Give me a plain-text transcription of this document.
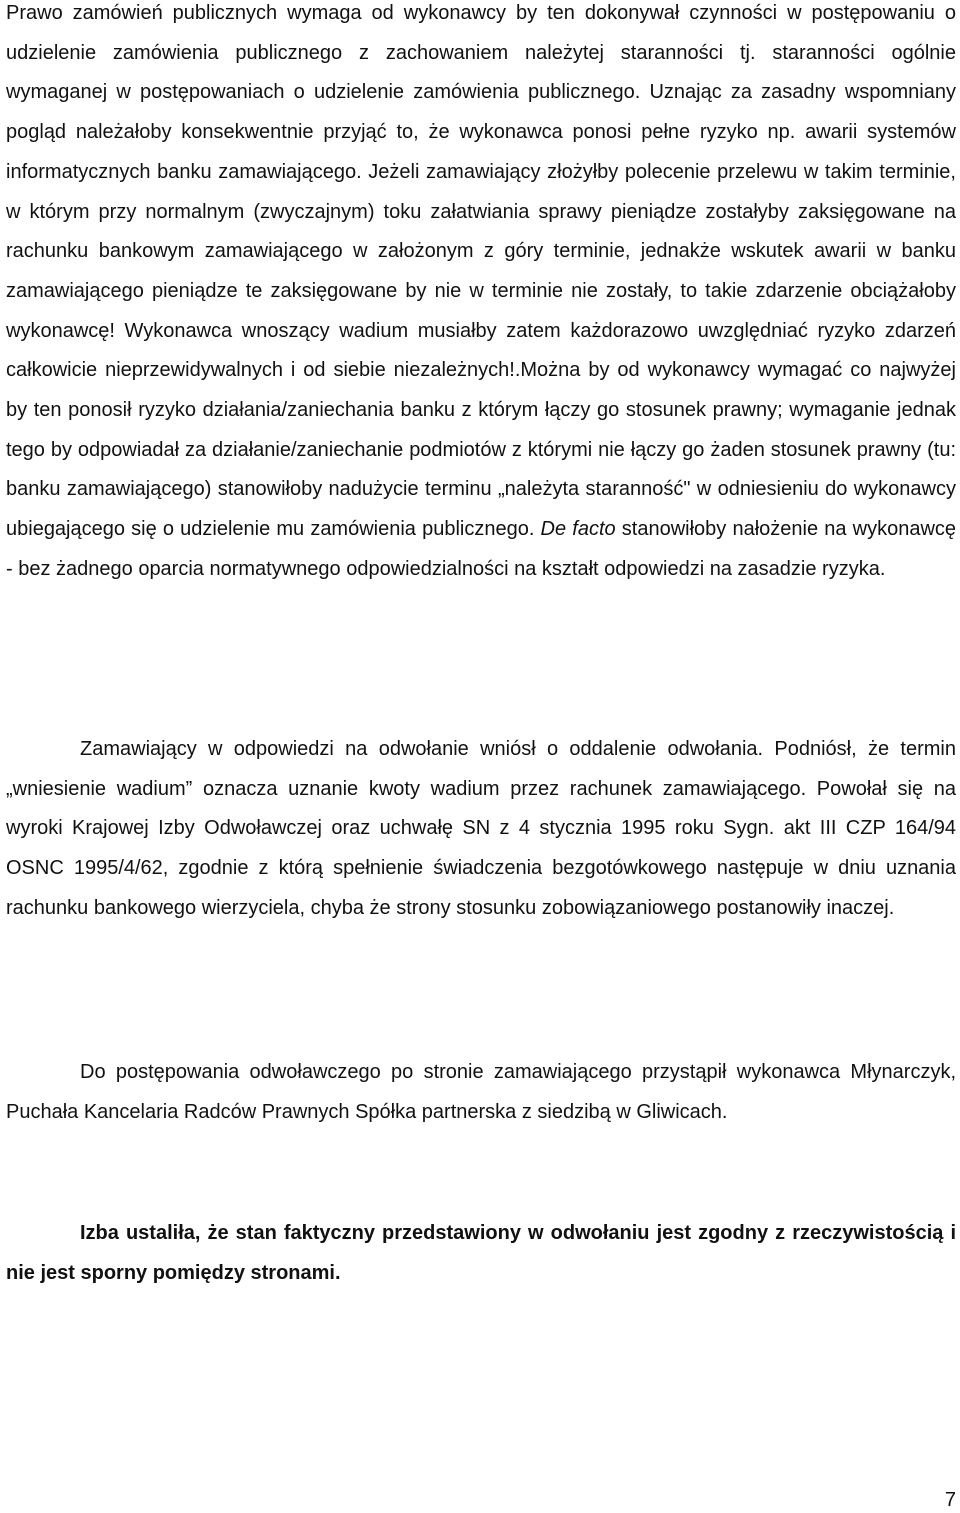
Prawo zamówień publicznych wymaga od wykonawcy by ten dokonywał czynności w postępowaniu o udzielenie zamówienia publicznego z zachowaniem należytej staranności tj. staranności ogólnie wymaganej w postępowaniach o udzielenie zamówienia publicznego. Uznając za zasadny wspomniany pogląd należałoby konsekwentnie przyjąć to, że wykonawca ponosi pełne ryzyko np. awarii systemów informatycznych banku zamawiającego. Jeżeli zamawiający złożyłby polecenie przelewu w takim terminie, w którym przy normalnym (zwyczajnym) toku załatwiania sprawy pieniądze zostałyby zaksięgowane na rachunku bankowym zamawiającego w założonym z góry terminie, jednakże wskutek awarii w banku zamawiającego pieniądze te zaksięgowane by nie w terminie nie zostały, to takie zdarzenie obciążałoby wykonawcę! Wykonawca wnoszący wadium musiałby zatem każdorazowo uwzględniać ryzyko zdarzeń całkowicie nieprzewidywalnych i od siebie niezależnych!.Można by od wykonawcy wymagać co najwyżej by ten ponosił ryzyko działania/zaniechania banku z którym łączy go stosunek prawny; wymaganie jednak tego by odpowiadał za działanie/zaniechanie podmiotów z którymi nie łączy go żaden stosunek prawny (tu: banku zamawiającego) stanowiłoby nadużycie terminu „należyta staranność" w odniesieniu do wykonawcy ubiegającego się o udzielenie mu zamówienia publicznego. De facto stanowiłoby nałożenie na wykonawcę - bez żadnego oparcia normatywnego odpowiedzialności na kształt odpowiedzi na zasadzie ryzyka.

Zamawiający w odpowiedzi na odwołanie wniósł o oddalenie odwołania. Podniósł, że termin „wniesienie wadium” oznacza uznanie kwoty wadium przez rachunek zamawiającego. Powołał się na wyroki Krajowej Izby Odwoławczej oraz uchwałę SN z 4 stycznia 1995 roku Sygn. akt III CZP 164/94 OSNC 1995/4/62, zgodnie z którą spełnienie świadczenia bezgotówkowego następuje w dniu uznania rachunku bankowego wierzyciela, chyba że strony stosunku zobowiązaniowego postanowiły inaczej.

Do postępowania odwoławczego po stronie zamawiającego przystąpił wykonawca Młynarczyk, Puchała Kancelaria Radców Prawnych Spółka partnerska z siedzibą w Gliwicach.

Izba ustaliła, że stan faktyczny przedstawiony w odwołaniu jest zgodny z rzeczywistością i nie jest sporny pomiędzy stronami.

7
